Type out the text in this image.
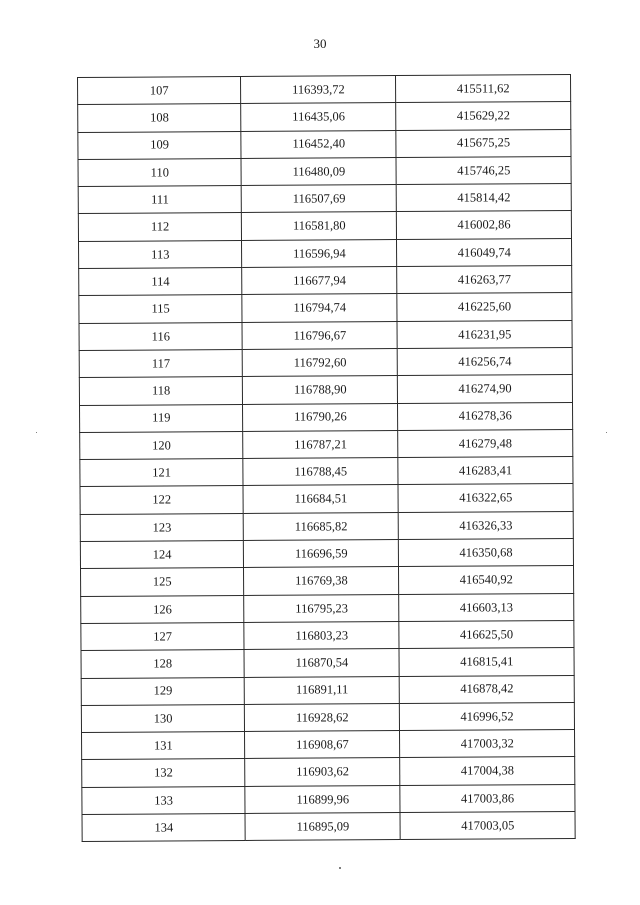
30
107	116393,72	415511,62
108	116435,06	415629,22
109	116452,40	415675,25
110	116480,09	415746,25
111	116507,69	415814,42
112	116581,80	416002,86
113	116596,94	416049,74
114	116677,94	416263,77
115	116794,74	416225,60
116	116796,67	416231,95
117	116792,60	416256,74
118	116788,90	416274,90
119	116790,26	416278,36
120	116787,21	416279,48
121	116788,45	416283,41
122	116684,51	416322,65
123	116685,82	416326,33
124	116696,59	416350,68
125	116769,38	416540,92
126	116795,23	416603,13
127	116803,23	416625,50
128	116870,54	416815,41
129	116891,11	416878,42
130	116928,62	416996,52
131	116908,67	417003,32
132	116903,62	417004,38
133	116899,96	417003,86
134	116895,09	417003,05
